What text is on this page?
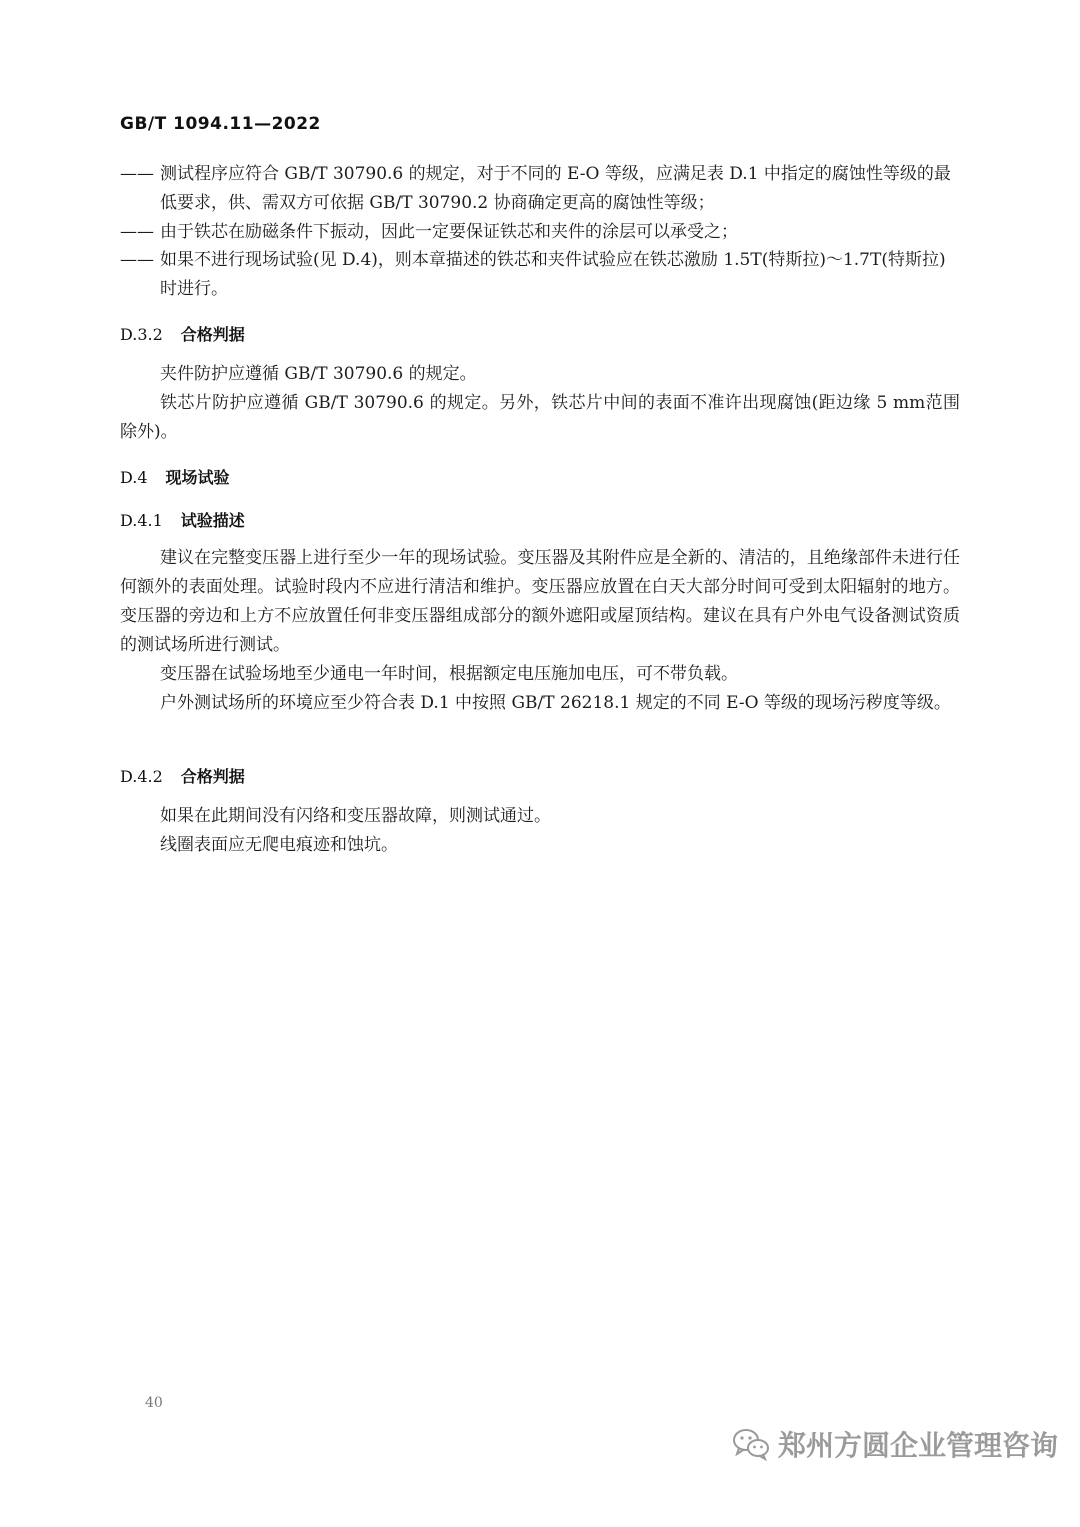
GB/T 1094.11—2022
—— 测试程序应符合 GB/T 30790.6 的规定，对于不同的 E-O 等级，应满足表 D.1 中指定的腐蚀性等级的最低要求，供、需双方可依据 GB/T 30790.2 协商确定更高的腐蚀性等级；
—— 由于铁芯在励磁条件下振动，因此一定要保证铁芯和夹件的涂层可以承受之；
—— 如果不进行现场试验(见 D.4)，则本章描述的铁芯和夹件试验应在铁芯激励 1.5T(特斯拉)～1.7T(特斯拉)时进行。
D.3.2 合格判据
夹件防护应遵循 GB/T 30790.6 的规定。
铁芯片防护应遵循 GB/T 30790.6 的规定。另外，铁芯片中间的表面不准许出现腐蚀(距边缘 5 mm范围除外)。
D.4 现场试验
D.4.1 试验描述
建议在完整变压器上进行至少一年的现场试验。变压器及其附件应是全新的、清洁的，且绝缘部件未进行任何额外的表面处理。试验时段内不应进行清洁和维护。变压器应放置在白天大部分时间可受到太阳辐射的地方。变压器的旁边和上方不应放置任何非变压器组成部分的额外遮阳或屋顶结构。建议在具有户外电气设备测试资质的测试场所进行测试。
变压器在试验场地至少通电一年时间，根据额定电压施加电压，可不带负载。
户外测试场所的环境应至少符合表 D.1 中按照 GB/T 26218.1 规定的不同 E-O 等级的现场污秽度等级。
D.4.2 合格判据
如果在此期间没有闪络和变压器故障，则测试通过。
线圈表面应无爬电痕迹和蚀坑。
40
郑州方圆企业管理咨询
